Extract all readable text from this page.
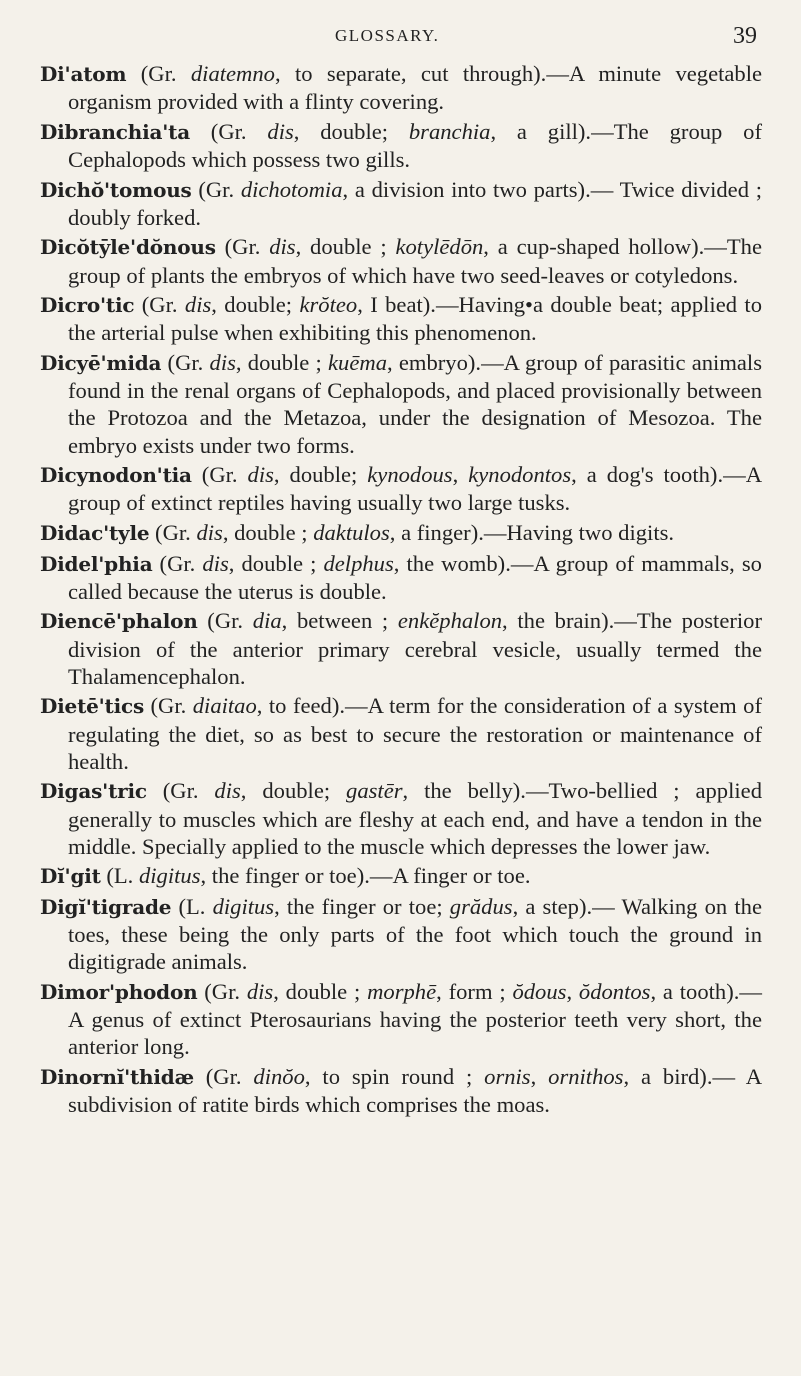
GLOSSARY.	39

Di'atom (Gr. diatemno, to separate, cut through).—A minute vegetable organism provided with a flinty covering.

Dibranchia'ta (Gr. dis, double; branchia, a gill).—The group of Cephalopods which possess two gills.

Dichŏ'tomous (Gr. dichotomia, a division into two parts).— Twice divided ; doubly forked.

Dicŏtȳle'dŏnous (Gr. dis, double ; kotylēdōn, a cup-shaped hollow).—The group of plants the embryos of which have two seed-leaves or cotyledons.

Dicro'tic (Gr. dis, double; krŏteo, I beat).—Having•a double beat; applied to the arterial pulse when exhibiting this phenomenon.

Dicyē'mida (Gr. dis, double ; kuēma, embryo).—A group of parasitic animals found in the renal organs of Cephalopods, and placed provisionally between the Protozoa and the Metazoa, under the designation of Mesozoa. The embryo exists under two forms.

Dicynodon'tia (Gr. dis, double; kynodous, kynodontos, a dog's tooth).—A group of extinct reptiles having usually two large tusks.

Didac'tyle (Gr. dis, double ; daktulos, a finger).—Having two digits.

Didel'phia (Gr. dis, double ; delphus, the womb).—A group of mammals, so called because the uterus is double.

Diencē'phalon (Gr. dia, between ; enkĕphalon, the brain).—The posterior division of the anterior primary cerebral vesicle, usually termed the Thalamencephalon.

Dietē'tics (Gr. diaitao, to feed).—A term for the consideration of a system of regulating the diet, so as best to secure the restoration or maintenance of health.

Digas'tric (Gr. dis, double; gastēr, the belly).—Two-bellied ; applied generally to muscles which are fleshy at each end, and have a tendon in the middle. Specially applied to the muscle which depresses the lower jaw.

Dĭ'git (L. digitus, the finger or toe).—A finger or toe.

Digĭ'tigrade (L. digitus, the finger or toe; grădus, a step).— Walking on the toes, these being the only parts of the foot which touch the ground in digitigrade animals.

Dimor'phodon (Gr. dis, double ; morphē, form ; ŏdous, ŏdontos, a tooth).—A genus of extinct Pterosaurians having the posterior teeth very short, the anterior long.

Dinornĭ'thidæ (Gr. dinŏo, to spin round ; ornis, ornithos, a bird).— A subdivision of ratite birds which comprises the moas.
